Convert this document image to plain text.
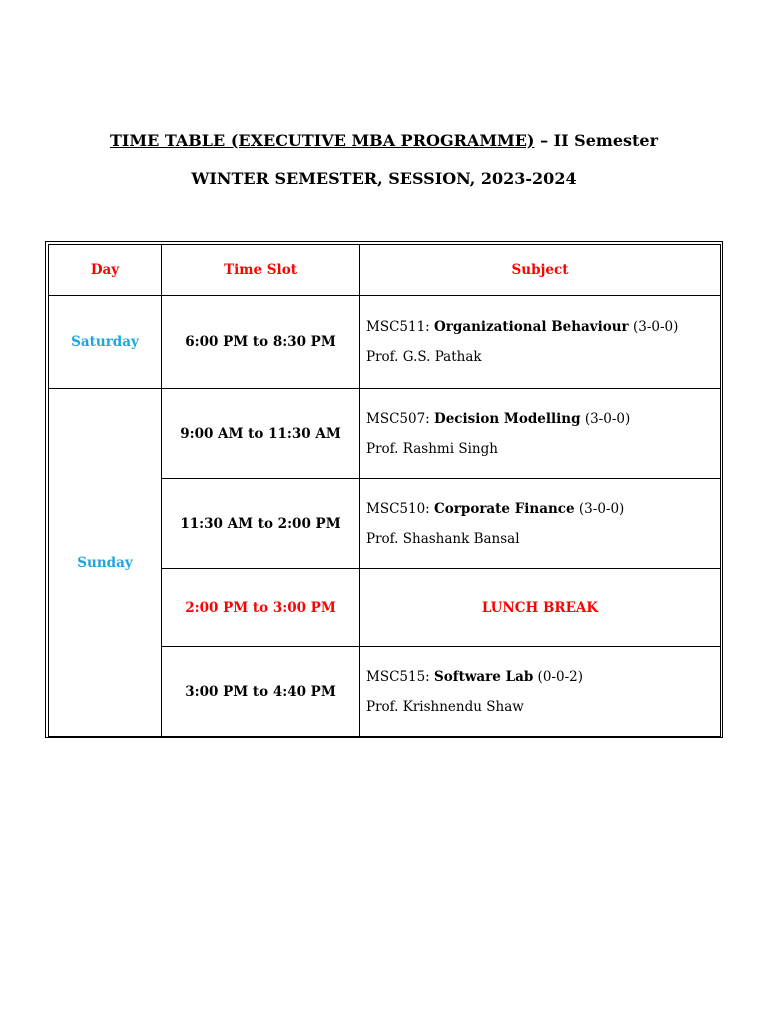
TIME TABLE (EXECUTIVE MBA PROGRAMME) – II Semester
WINTER SEMESTER, SESSION, 2023-2024
Day	Time Slot	Subject
Saturday	6:00 PM to 8:30 PM	MSC511: Organizational Behaviour (3-0-0)
Prof. G.S. Pathak
Sunday	9:00 AM to 11:30 AM	MSC507: Decision Modelling (3-0-0)
Prof. Rashmi Singh
	11:30 AM to 2:00 PM	MSC510: Corporate Finance (3-0-0)
Prof. Shashank Bansal
	2:00 PM to 3:00 PM	LUNCH BREAK
	3:00 PM to 4:40 PM	MSC515: Software Lab (0-0-2)
Prof. Krishnendu Shaw
